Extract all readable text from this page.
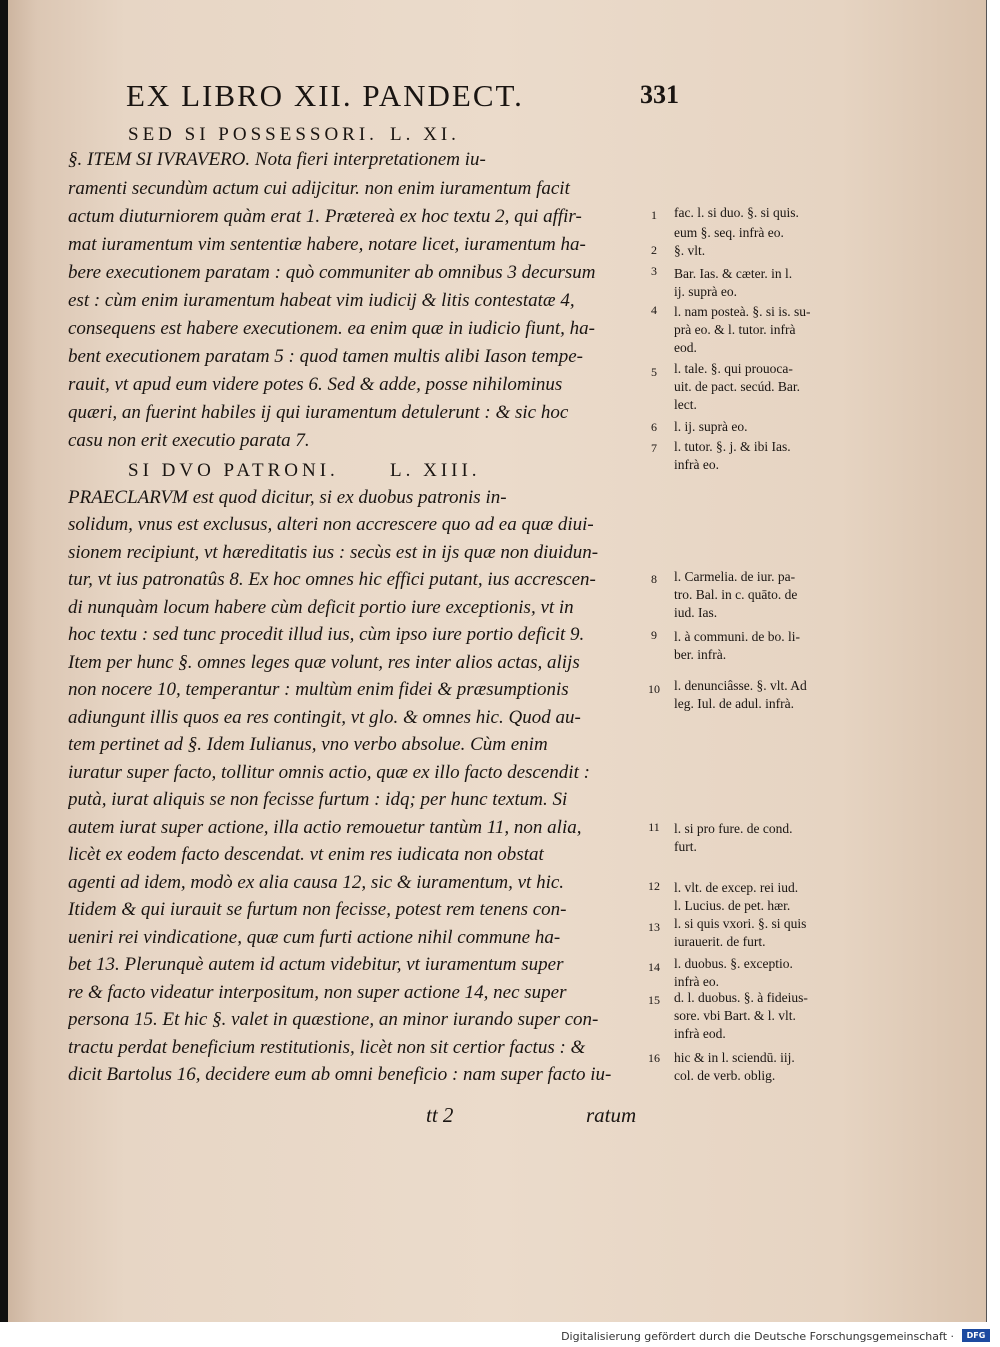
EX LIBRO XII. PANDECT.	331
SED SI POSSESSORI. L. XI.
§. ITEM SI IVRAVERO. Nota fieri interpretationem iu-
ramenti secundùm actum cui adijcitur. non enim iuramentum facit
actum diuturniorem quàm erat 1. Prætereà ex hoc textu 2, qui affir-
mat iuramentum vim sententiæ habere, notare licet, iuramentum ha-
bere executionem paratam : quò communiter ab omnibus 3 decursum
est : cùm enim iuramentum habeat vim iudicij & litis contestatæ 4,
consequens est habere executionem. ea enim quæ in iudicio fiunt, ha-
bent executionem paratam 5 : quod tamen multis alibi Iason tempe-
rauit, vt apud eum videre potes 6. Sed & adde, posse nihilominus
quæri, an fuerint habiles ij qui iuramentum detulerunt : & sic hoc
casu non erit executio parata 7.
SI DVO PATRONI.	L. XIII.
PRAECLARVM est quod dicitur, si ex duobus patronis in-
solidum, vnus est exclusus, alteri non accrescere quo ad ea quæ diui-
sionem recipiunt, vt hæreditatis ius : secùs est in ijs quæ non diuidun-
tur, vt ius patronatûs 8. Ex hoc omnes hic effici putant, ius accrescen-
di nunquàm locum habere cùm deficit portio iure exceptionis, vt in
hoc textu : sed tunc procedit illud ius, cùm ipso iure portio deficit 9.
Item per hunc §. omnes leges quæ volunt, res inter alios actas, alijs
non nocere 10, temperantur : multùm enim fidei & præsumptionis
adiungunt illis quos ea res contingit, vt glo. & omnes hic. Quod au-
tem pertinet ad §. Idem Iulianus, vno verbo absolue. Cùm enim
iuratur super facto, tollitur omnis actio, quæ ex illo facto descendit :
putà, iurat aliquis se non fecisse furtum : idq; per hunc textum. Si
autem iurat super actione, illa actio remouetur tantùm 11, non alia,
licèt ex eodem facto descendat. vt enim res iudicata non obstat
agenti ad idem, modò ex alia causa 12, sic & iuramentum, vt hic.
Itidem & qui iurauit se furtum non fecisse, potest rem tenens con-
ueniri rei vindicatione, quæ cum furti actione nihil commune ha-
bet 13. Plerunquè autem id actum videbitur, vt iuramentum super
re & facto videatur interpositum, non super actione 14, nec super
persona 15. Et hic §. valet in quæstione, an minor iurando super con-
tractu perdat beneficium restitutionis, licèt non sit certior factus : &
dicit Bartolus 16, decidere eum ab omni beneficio : nam super facto iu-
tt 2	ratum
1
2
3
4
5
6
7
8
9
10
11
12
13
14
15
16
fac. l. si duo. §. si quis.
eum §. seq. infrà eo.
§. vlt.
Bar. Ias. & cæter. in l.
ij. suprà eo.
l. nam posteà. §. si is. su-
prà eo. & l. tutor. infrà
eod.
l. tale. §. qui prouoca-
uit. de pact. secúd. Bar.
lect.
l. ij. suprà eo.
l. tutor. §. j. & ibi Ias.
infrà eo.
l. Carmelia. de iur. pa-
tro. Bal. in c. quāto. de
iud. Ias.
l. à communi. de bo. li-
ber. infrà.
l. denunciâsse. §. vlt. Ad
leg. Iul. de adul. infrà.
l. si pro fure. de cond.
furt.
l. vlt. de excep. rei iud.
l. Lucius. de pet. hær.
l. si quis vxori. §. si quis
iurauerit. de furt.
l. duobus. §. exceptio.
infrà eo.
d. l. duobus. §. à fideius-
sore. vbi Bart. & l. vlt.
infrà eod.
hic & in l. sciendū. iij.
col. de verb. oblig.
Digitalisierung gefördert durch die Deutsche Forschungsgemeinschaft ·	DFG
